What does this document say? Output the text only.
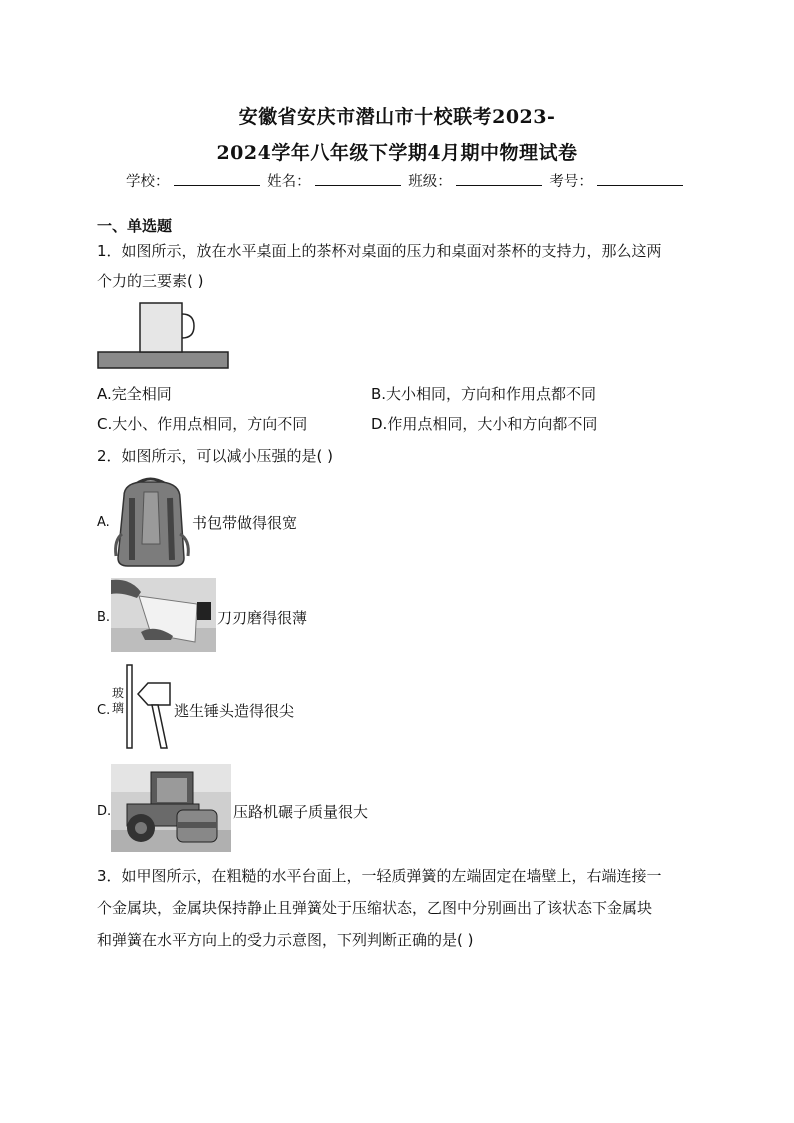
安徽省安庆市潜山市十校联考2023-
2024学年八年级下学期4月期中物理试卷
学校：	姓名：	班级：	考号：
一、单选题
1．如图所示，放在水平桌面上的茶杯对桌面的压力和桌面对茶杯的支持力，那么这两
个力的三要素( )
A.完全相同	B.大小相同，方向和作用点都不同
C.大小、作用点相同，方向不同	D.作用点相同，大小和方向都不同
2．如图所示，可以减小压强的是( )
A.	书包带做得很宽
B.	刀刃磨得很薄
C.
玻
璃	逃生锤头造得很尖
D.	压路机碾子质量很大
3．如甲图所示，在粗糙的水平台面上，一轻质弹簧的左端固定在墙壁上，右端连接一
个金属块，金属块保持静止且弹簧处于压缩状态，乙图中分别画出了该状态下金属块
和弹簧在水平方向上的受力示意图，下列判断正确的是( )
